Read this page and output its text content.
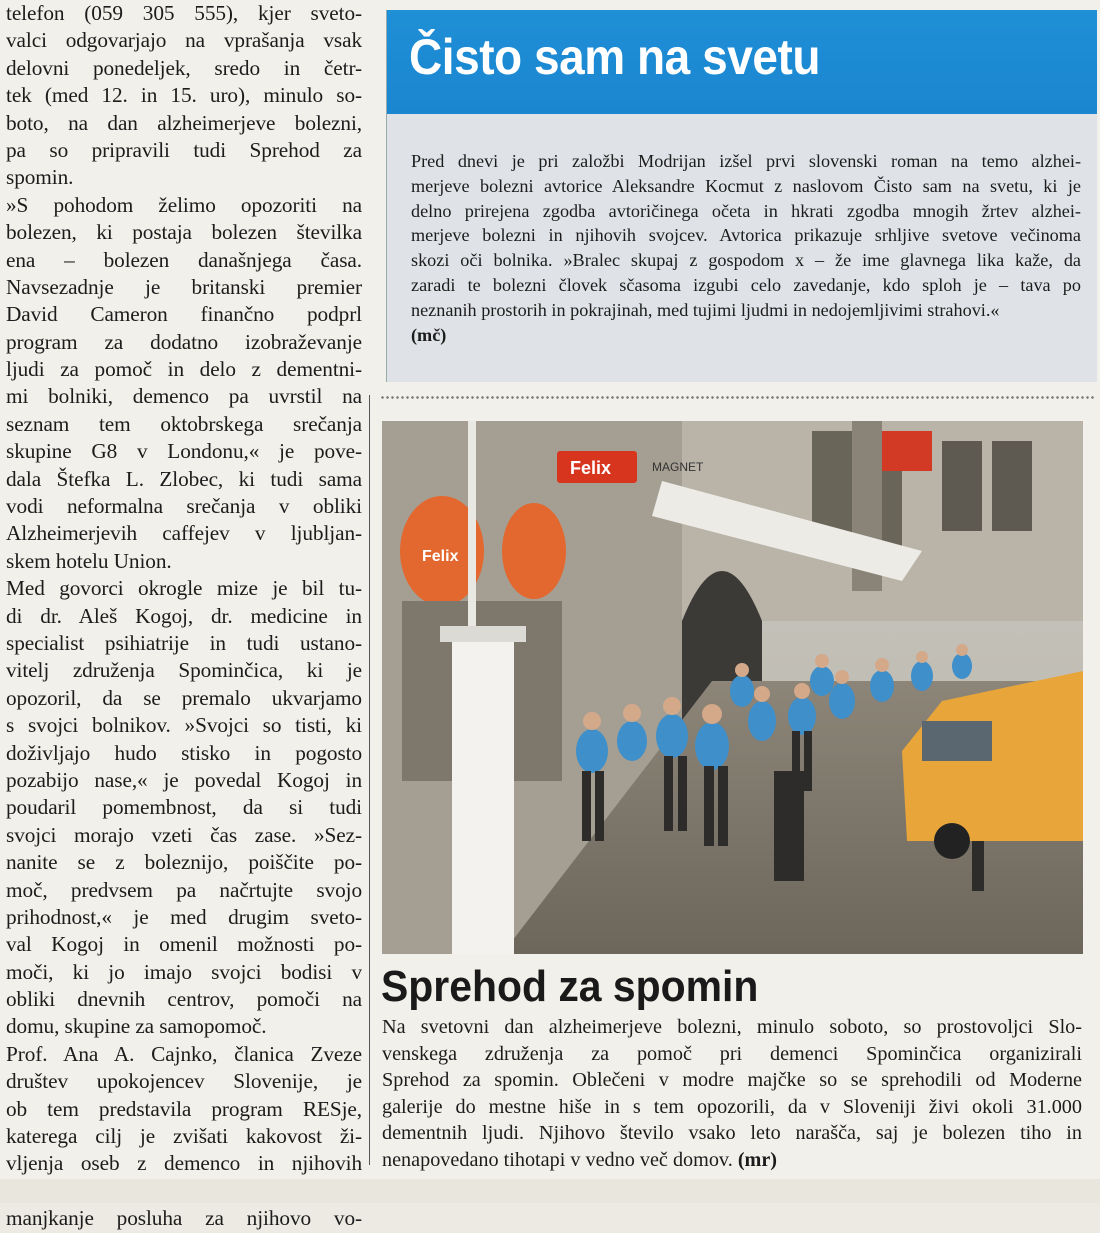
telefon (059 305 555), kjer sveto-
valci odgovarjajo na vprašanja vsak
delovni ponedeljek, sredo in četr-
tek (med 12. in 15. uro), minulo so-
boto, na dan alzheimerjeve bolezni,
pa so pripravili tudi Sprehod za
spomin.
»S pohodom želimo opozoriti na
bolezen, ki postaja bolezen številka
ena – bolezen današnjega časa.
Navsezadnje je britanski premier
David Cameron finančno podprl
program za dodatno izobraževanje
ljudi za pomoč in delo z dementni-
mi bolniki, demenco pa uvrstil na
seznam tem oktobrskega srečanja
skupine G8 v Londonu,« je pove-
dala Štefka L. Zlobec, ki tudi sama
vodi neformalna srečanja v obliki
Alzheimerjevih caffejev v ljubljan-
skem hotelu Union.
Med govorci okrogle mize je bil tu-
di dr. Aleš Kogoj, dr. medicine in
specialist psihiatrije in tudi ustano-
vitelj združenja Spominčica, ki je
opozoril, da se premalo ukvarjamo
s svojci bolnikov. »Svojci so tisti, ki
doživljajo hudo stisko in pogosto
pozabijo nase,« je povedal Kogoj in
poudaril pomembnost, da si tudi
svojci morajo vzeti čas zase. »Sez-
nanite se z boleznijo, poiščite po-
moč, predvsem pa načrtujte svojo
prihodnost,« je med drugim sveto-
val Kogoj in omenil možnosti po-
moči, ki jo imajo svojci bodisi v
obliki dnevnih centrov, pomoči na
domu, skupine za samopomoč.
Prof. Ana A. Cajnko, članica Zveze
društev upokojencev Slovenije, je
ob tem predstavila program RESje,
katerega cilj je zvišati kakovost ži-
vljenja oseb z demenco in njihovih
manjkanje posluha za njihovo vo-
Čisto sam na svetu
Pred dnevi je pri založbi Modrijan izšel prvi slovenski roman na temo alzhei-
merjeve bolezni avtorice Aleksandre Kocmut z naslovom Čisto sam na svetu, ki je
delno prirejena zgodba avtoričinega očeta in hkrati zgodba mnogih žrtev alzhei-
merjeve bolezni in njihovih svojcev. Avtorica prikazuje srhljive svetove večinoma
skozi oči bolnika. »Bralec skupaj z gospodom x – že ime glavnega lika kaže, da
zaradi te bolezni človek sčasoma izgubi celo zavedanje, kdo sploh je – tava po
neznanih prostorih in pokrajinah, med tujimi ljudmi in nedojemljivimi strahovi.«
(mč)
Felix	MAGNET
Felix
Sprehod za spomin
Na svetovni dan alzheimerjeve bolezni, minulo soboto, so prostovoljci Slo-
venskega združenja za pomoč pri demenci Spominčica organizirali
Sprehod za spomin. Oblečeni v modre majčke so se sprehodili od Moderne
galerije do mestne hiše in s tem opozorili, da v Sloveniji živi okoli 31.000
dementnih ljudi. Njihovo število vsako leto narašča, saj je bolezen tiho in
nenapovedano tihotapi v vedno več domov. (mr)
